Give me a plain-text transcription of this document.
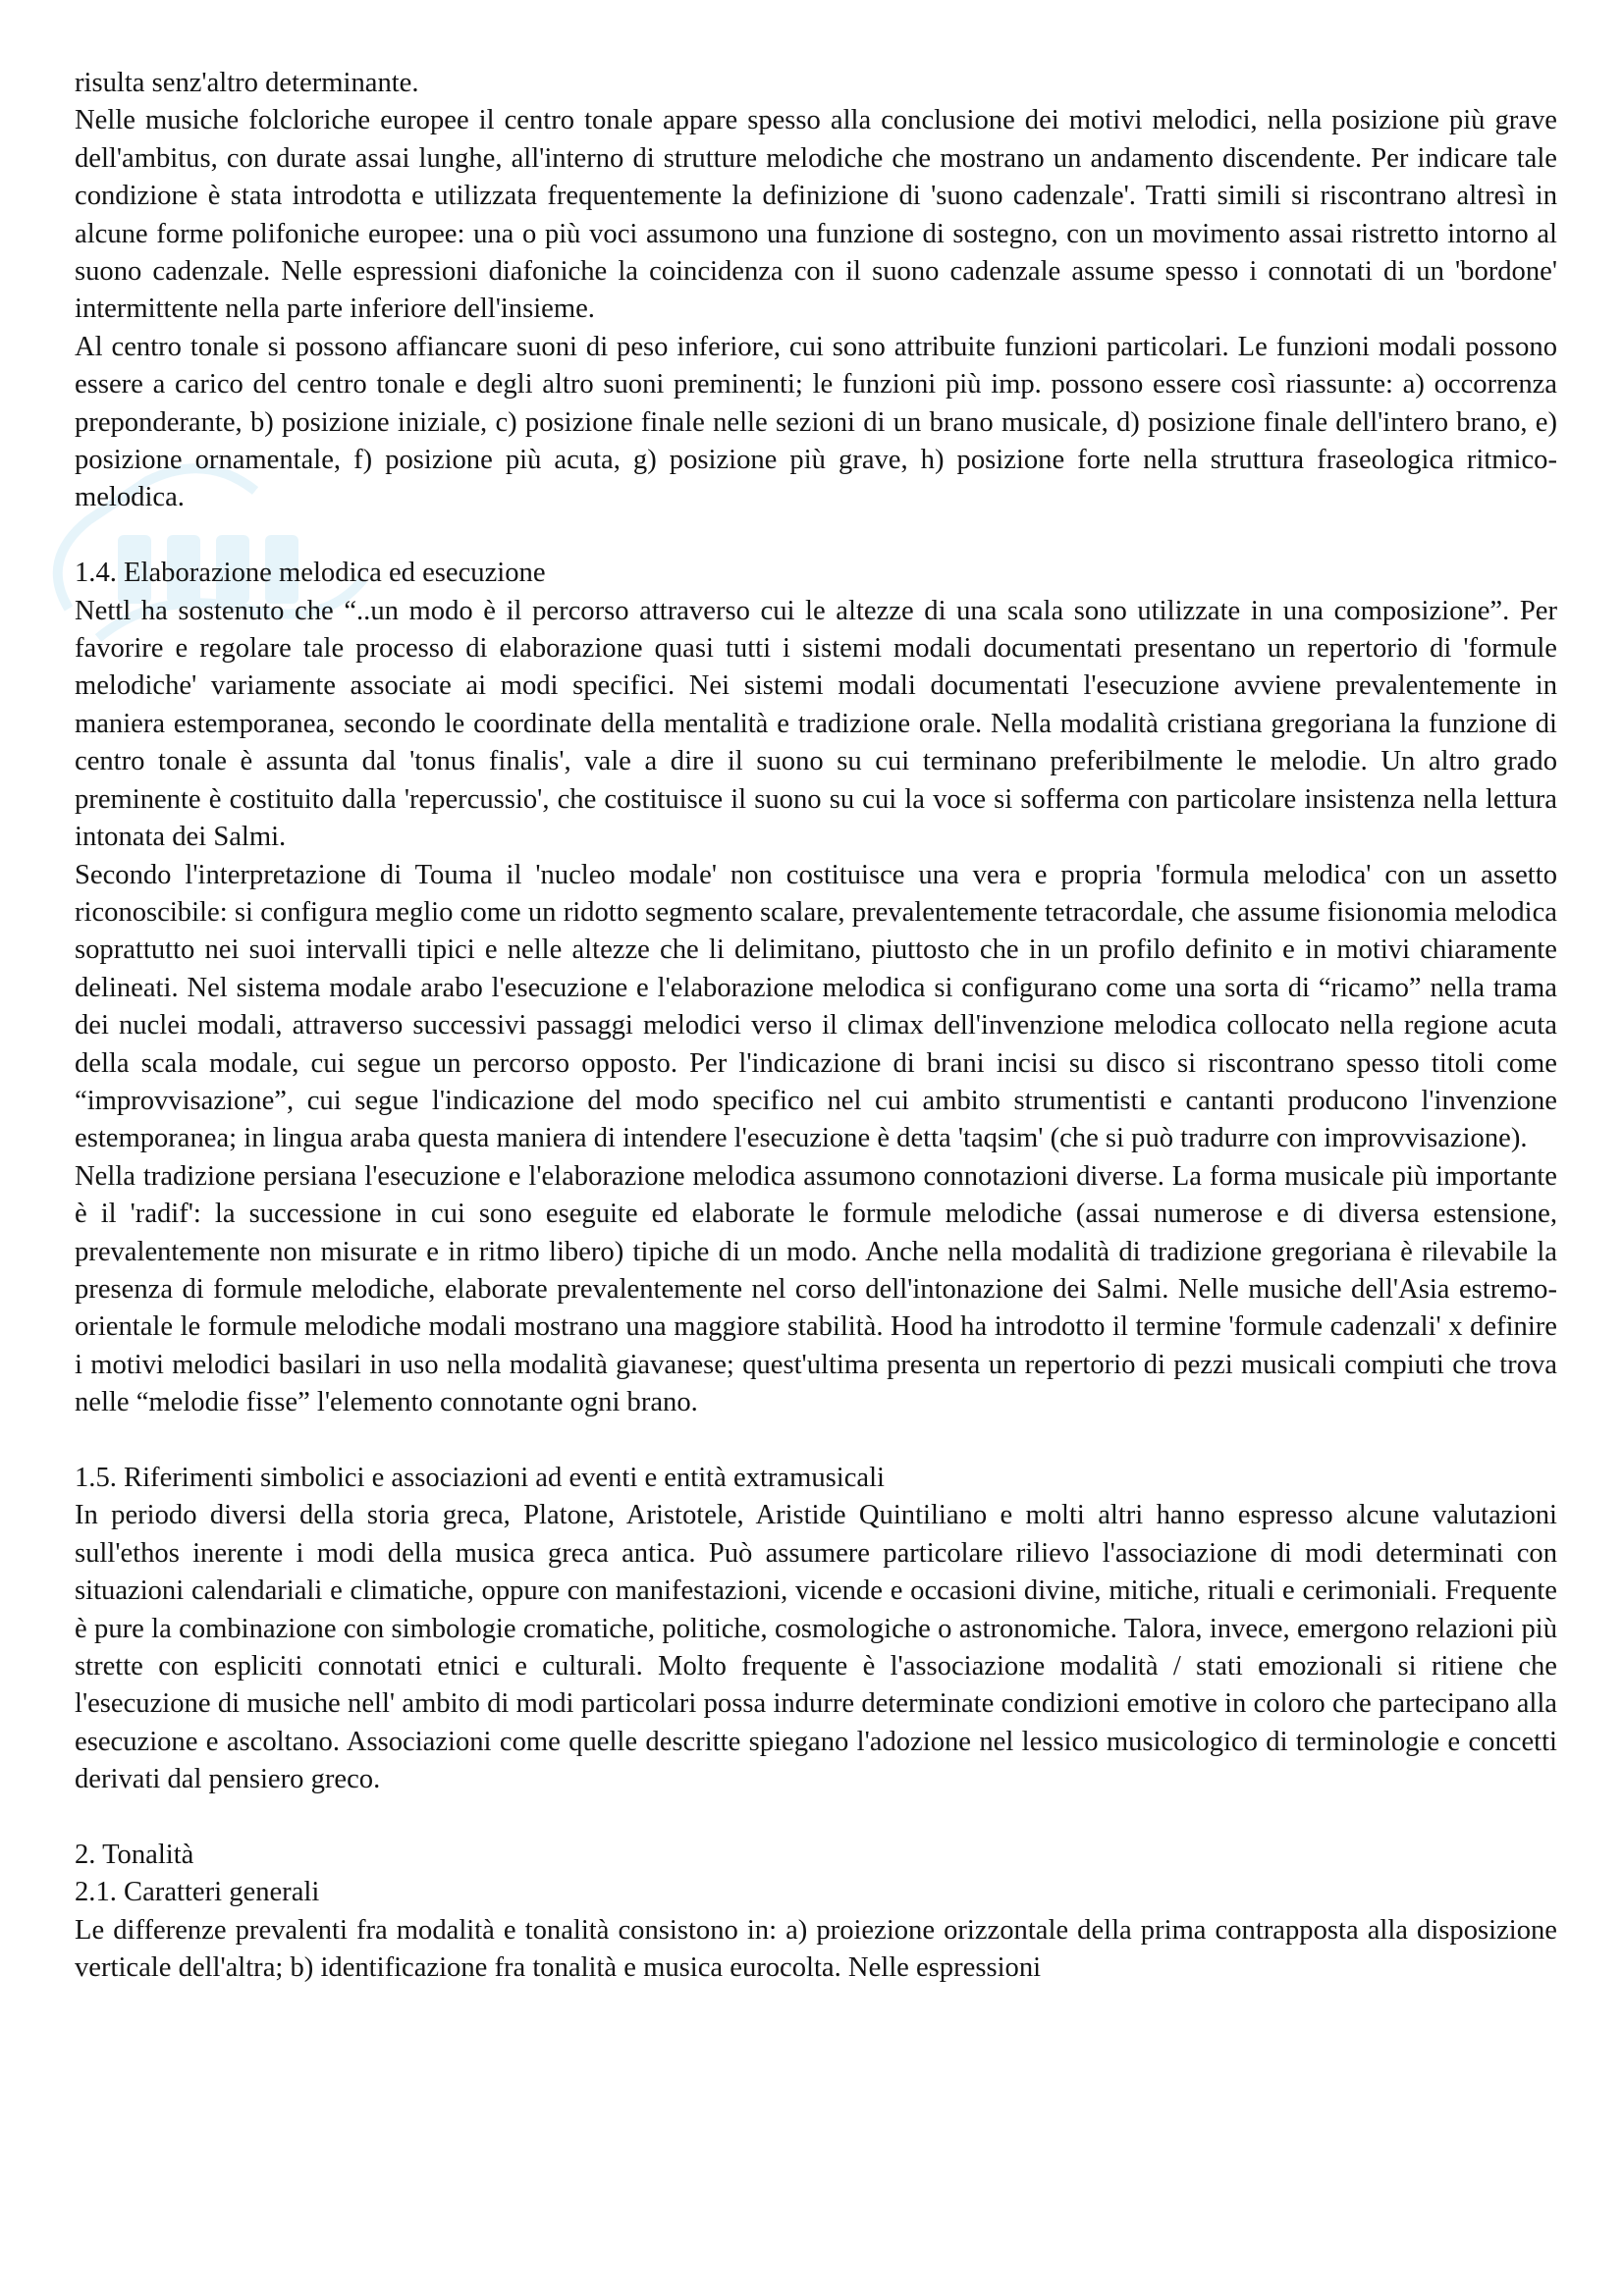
risulta senz'altro determinante.

Nelle musiche folcloriche europee il centro tonale appare spesso alla conclusione dei motivi melodici, nella posizione più grave dell'ambitus, con durate assai lunghe, all'interno di strutture melodiche che mostrano un andamento discendente. Per indicare tale condizione è stata introdotta e utilizzata frequentemente la definizione di 'suono cadenzale'. Tratti simili si riscontrano altresì in alcune forme polifoniche europee: una o più voci assumono una funzione di sostegno, con un movimento assai ristretto intorno al suono cadenzale. Nelle espressioni diafoniche la coincidenza con il suono cadenzale assume spesso i connotati di un 'bordone' intermittente nella parte inferiore dell'insieme.

Al centro tonale si possono affiancare suoni di peso inferiore, cui sono attribuite funzioni particolari. Le funzioni modali possono essere a carico del centro tonale e degli altro suoni preminenti; le funzioni più imp. possono essere così riassunte: a) occorrenza preponderante, b) posizione iniziale, c) posizione finale nelle sezioni di un brano musicale, d) posizione finale dell'intero brano, e) posizione ornamentale, f) posizione più acuta, g) posizione più grave, h) posizione forte nella struttura fraseologica ritmico-melodica.

1.4. Elaborazione melodica ed esecuzione

Nettl ha sostenuto che “..un modo è il percorso attraverso cui le altezze di una scala sono utilizzate in una composizione”. Per favorire e regolare tale processo di elaborazione quasi tutti i sistemi modali documentati presentano un repertorio di 'formule melodiche' variamente associate ai modi specifici. Nei sistemi modali documentati l'esecuzione avviene prevalentemente in maniera estemporanea, secondo le coordinate della mentalità e tradizione orale. Nella modalità cristiana gregoriana la funzione di centro tonale è assunta dal 'tonus finalis', vale a dire il suono su cui terminano preferibilmente le melodie. Un altro grado preminente è costituito dalla 'repercussio', che costituisce il suono su cui la voce si sofferma con particolare insistenza nella lettura intonata dei Salmi.

Secondo l'interpretazione di Touma il 'nucleo modale' non costituisce una vera e propria 'formula melodica' con un assetto riconoscibile: si configura meglio come un ridotto segmento scalare, prevalentemente tetracordale, che assume fisionomia melodica soprattutto nei suoi intervalli tipici e nelle altezze che li delimitano, piuttosto che in un profilo definito e in motivi chiaramente delineati. Nel sistema modale arabo l'esecuzione e l'elaborazione melodica si configurano come una sorta di “ricamo” nella trama dei nuclei modali, attraverso successivi passaggi melodici verso il climax dell'invenzione melodica collocato nella regione acuta della scala modale, cui segue un percorso opposto. Per l'indicazione di brani incisi su disco si riscontrano spesso titoli come “improvvisazione”, cui segue l'indicazione del modo specifico nel cui ambito strumentisti e cantanti producono l'invenzione estemporanea; in lingua araba questa maniera di intendere l'esecuzione è detta 'taqsim' (che si può tradurre con improvvisazione).

Nella tradizione persiana l'esecuzione e l'elaborazione melodica assumono connotazioni diverse. La forma musicale più importante è il 'radif': la successione in cui sono eseguite ed elaborate le formule melodiche (assai numerose e di diversa estensione, prevalentemente non misurate e in ritmo libero) tipiche di un modo. Anche nella modalità di tradizione gregoriana è rilevabile la presenza di formule melodiche, elaborate prevalentemente nel corso dell'intonazione dei Salmi. Nelle musiche dell'Asia estremo-orientale le formule melodiche modali mostrano una maggiore stabilità. Hood ha introdotto il termine 'formule cadenzali' x definire i motivi melodici basilari in uso nella modalità giavanese; quest'ultima presenta un repertorio di pezzi musicali compiuti che trova nelle “melodie fisse” l'elemento connotante ogni brano.

1.5. Riferimenti simbolici e associazioni ad eventi e entità extramusicali

In periodo diversi della storia greca, Platone, Aristotele, Aristide Quintiliano e molti altri hanno espresso alcune valutazioni sull'ethos inerente i modi della musica greca antica. Può assumere particolare rilievo l'associazione di modi determinati con situazioni calendariali e climatiche, oppure con manifestazioni, vicende e occasioni divine, mitiche, rituali e cerimoniali. Frequente è pure la combinazione con simbologie cromatiche, politiche, cosmologiche o astronomiche. Talora, invece, emergono relazioni più strette con espliciti connotati etnici e culturali. Molto frequente è l'associazione modalità / stati emozionali si ritiene che l'esecuzione di musiche nell' ambito di modi particolari possa indurre determinate condizioni emotive in coloro che partecipano alla esecuzione e ascoltano. Associazioni come quelle descritte spiegano l'adozione nel lessico musicologico di terminologie e concetti derivati dal pensiero greco.

2. Tonalità

2.1. Caratteri generali

Le differenze prevalenti fra modalità e tonalità consistono in: a) proiezione orizzontale della prima contrapposta alla disposizione verticale dell'altra; b) identificazione fra tonalità e musica eurocolta. Nelle espressioni
